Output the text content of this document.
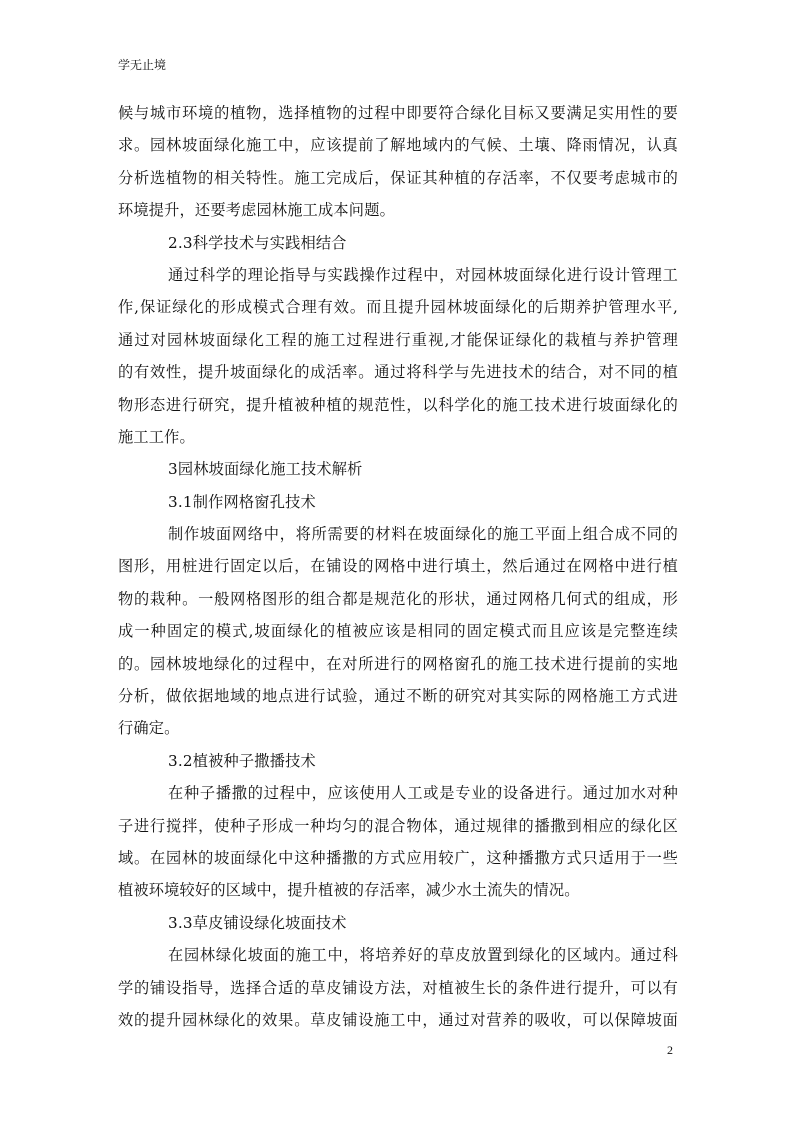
学无止境
候与城市环境的植物，选择植物的过程中即要符合绿化目标又要满足实用性的要
求。园林坡面绿化施工中，应该提前了解地域内的气候、土壤、降雨情况，认真
分析选植物的相关特性。施工完成后，保证其种植的存活率，不仅要考虑城市的
环境提升，还要考虑园林施工成本问题。
2.3科学技术与实践相结合
通过科学的理论指导与实践操作过程中，对园林坡面绿化进行设计管理工
作,保证绿化的形成模式合理有效。而且提升园林坡面绿化的后期养护管理水平,
通过对园林坡面绿化工程的施工过程进行重视,才能保证绿化的栽植与养护管理
的有效性，提升坡面绿化的成活率。通过将科学与先进技术的结合，对不同的植
物形态进行研究，提升植被种植的规范性，以科学化的施工技术进行坡面绿化的
施工工作。
3园林坡面绿化施工技术解析
3.1制作网格窗孔技术
制作坡面网络中，将所需要的材料在坡面绿化的施工平面上组合成不同的
图形，用桩进行固定以后，在铺设的网格中进行填土，然后通过在网格中进行植
物的栽种。一般网格图形的组合都是规范化的形状，通过网格几何式的组成，形
成一种固定的模式,坡面绿化的植被应该是相同的固定模式而且应该是完整连续
的。园林坡地绿化的过程中，在对所进行的网格窗孔的施工技术进行提前的实地
分析，做依据地域的地点进行试验，通过不断的研究对其实际的网格施工方式进
行确定。
3.2植被种子撒播技术
在种子播撒的过程中，应该使用人工或是专业的设备进行。通过加水对种
子进行搅拌，使种子形成一种均匀的混合物体，通过规律的播撒到相应的绿化区
域。在园林的坡面绿化中这种播撒的方式应用较广，这种播撒方式只适用于一些
植被环境较好的区域中，提升植被的存活率，减少水土流失的情况。
3.3草皮铺设绿化坡面技术
在园林绿化坡面的施工中，将培养好的草皮放置到绿化的区域内。通过科
学的铺设指导，选择合适的草皮铺设方法，对植被生长的条件进行提升，可以有
效的提升园林绿化的效果。草皮铺设施工中，通过对营养的吸收，可以保障坡面
2
